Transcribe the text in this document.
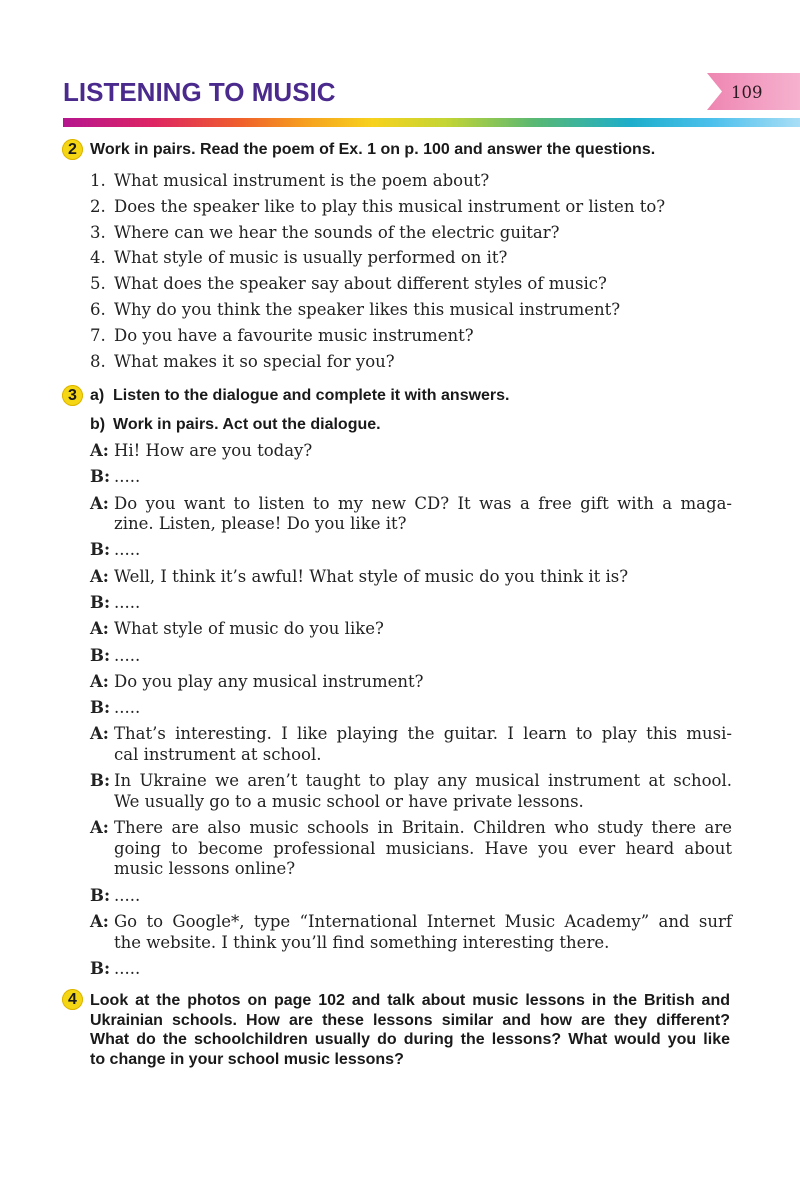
LISTENING TO MUSIC	109
2 Work in pairs. Read the poem of Ex. 1 on p. 100 and answer the questions.
1. What musical instrument is the poem about?
2. Does the speaker like to play this musical instrument or listen to?
3. Where can we hear the sounds of the electric guitar?
4. What style of music is usually performed on it?
5. What does the speaker say about different styles of music?
6. Why do you think the speaker likes this musical instrument?
7. Do you have a favourite music instrument?
8. What makes it so special for you?
3 a) Listen to the dialogue and complete it with answers.
b) Work in pairs. Act out the dialogue.
A: Hi! How are you today?
B: .....
A: Do you want to listen to my new CD? It was a free gift with a maga-
zine. Listen, please! Do you like it?
B: .....
A: Well, I think it’s awful! What style of music do you think it is?
B: .....
A: What style of music do you like?
B: .....
A: Do you play any musical instrument?
B: .....
A: That’s interesting. I like playing the guitar. I learn to play this musi-
cal instrument at school.
B: In Ukraine we aren’t taught to play any musical instrument at school.
We usually go to a music school or have private lessons.
A: There are also music schools in Britain. Children who study there are
going to become professional musicians. Have you ever heard about
music lessons online?
B: .....
A: Go to Google*, type “International Internet Music Academy” and surf
the website. I think you’ll find something interesting there.
B: .....
4 Look at the photos on page 102 and talk about music lessons in the British and
Ukrainian schools. How are these lessons similar and how are they different?
What do the schoolchildren usually do during the lessons? What would you like
to change in your school music lessons?
